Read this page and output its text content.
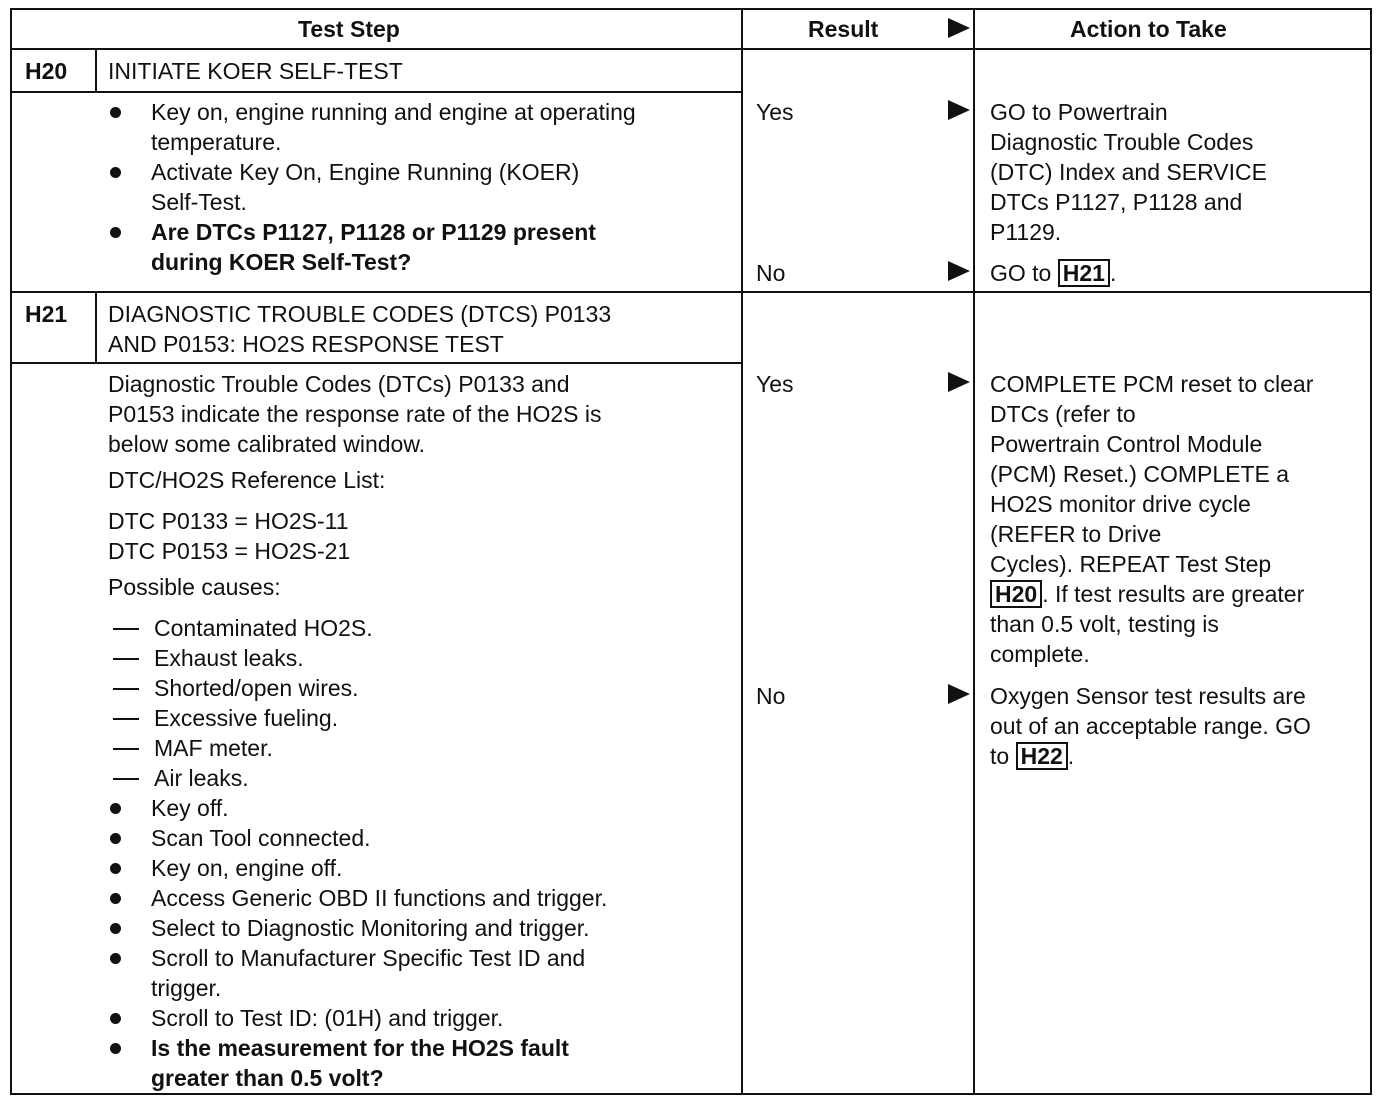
Test Step	Result	Action to Take
H20 INITIATE KOER SELF-TEST
Key on, engine running and engine at operating
temperature.
Activate Key On, Engine Running (KOER)
Self-Test.
Are DTCs P1127, P1128 or P1129 present
during KOER Self-Test?
Yes
No
GO to Powertrain
Diagnostic Trouble Codes
(DTC) Index and SERVICE
DTCs P1127, P1128 and
P1129.
GO to H21 .
H21 DIAGNOSTIC TROUBLE CODES (DTCS) P0133
AND P0153: HO2S RESPONSE TEST
Diagnostic Trouble Codes (DTCs) P0133 and
P0153 indicate the response rate of the HO2S is
below some calibrated window.
DTC/HO2S Reference List:
DTC P0133 = HO2S-11
DTC P0153 = HO2S-21
Possible causes:
Contaminated HO2S.
Exhaust leaks.
Shorted/open wires.
Excessive fueling.
MAF meter.
Air leaks.
Key off.
Scan Tool connected.
Key on, engine off.
Access Generic OBD II functions and trigger.
Select to Diagnostic Monitoring and trigger.
Scroll to Manufacturer Specific Test ID and
trigger.
Scroll to Test ID: (01H) and trigger.
Is the measurement for the HO2S fault
greater than 0.5 volt?
Yes
No
COMPLETE PCM reset to clear
DTCs (refer to
Powertrain Control Module
(PCM) Reset.) COMPLETE a
HO2S monitor drive cycle
(REFER to Drive
Cycles). REPEAT Test Step
H20 . If test results are greater
than 0.5 volt, testing is
complete.
Oxygen Sensor test results are
out of an acceptable range. GO
to H22 .
